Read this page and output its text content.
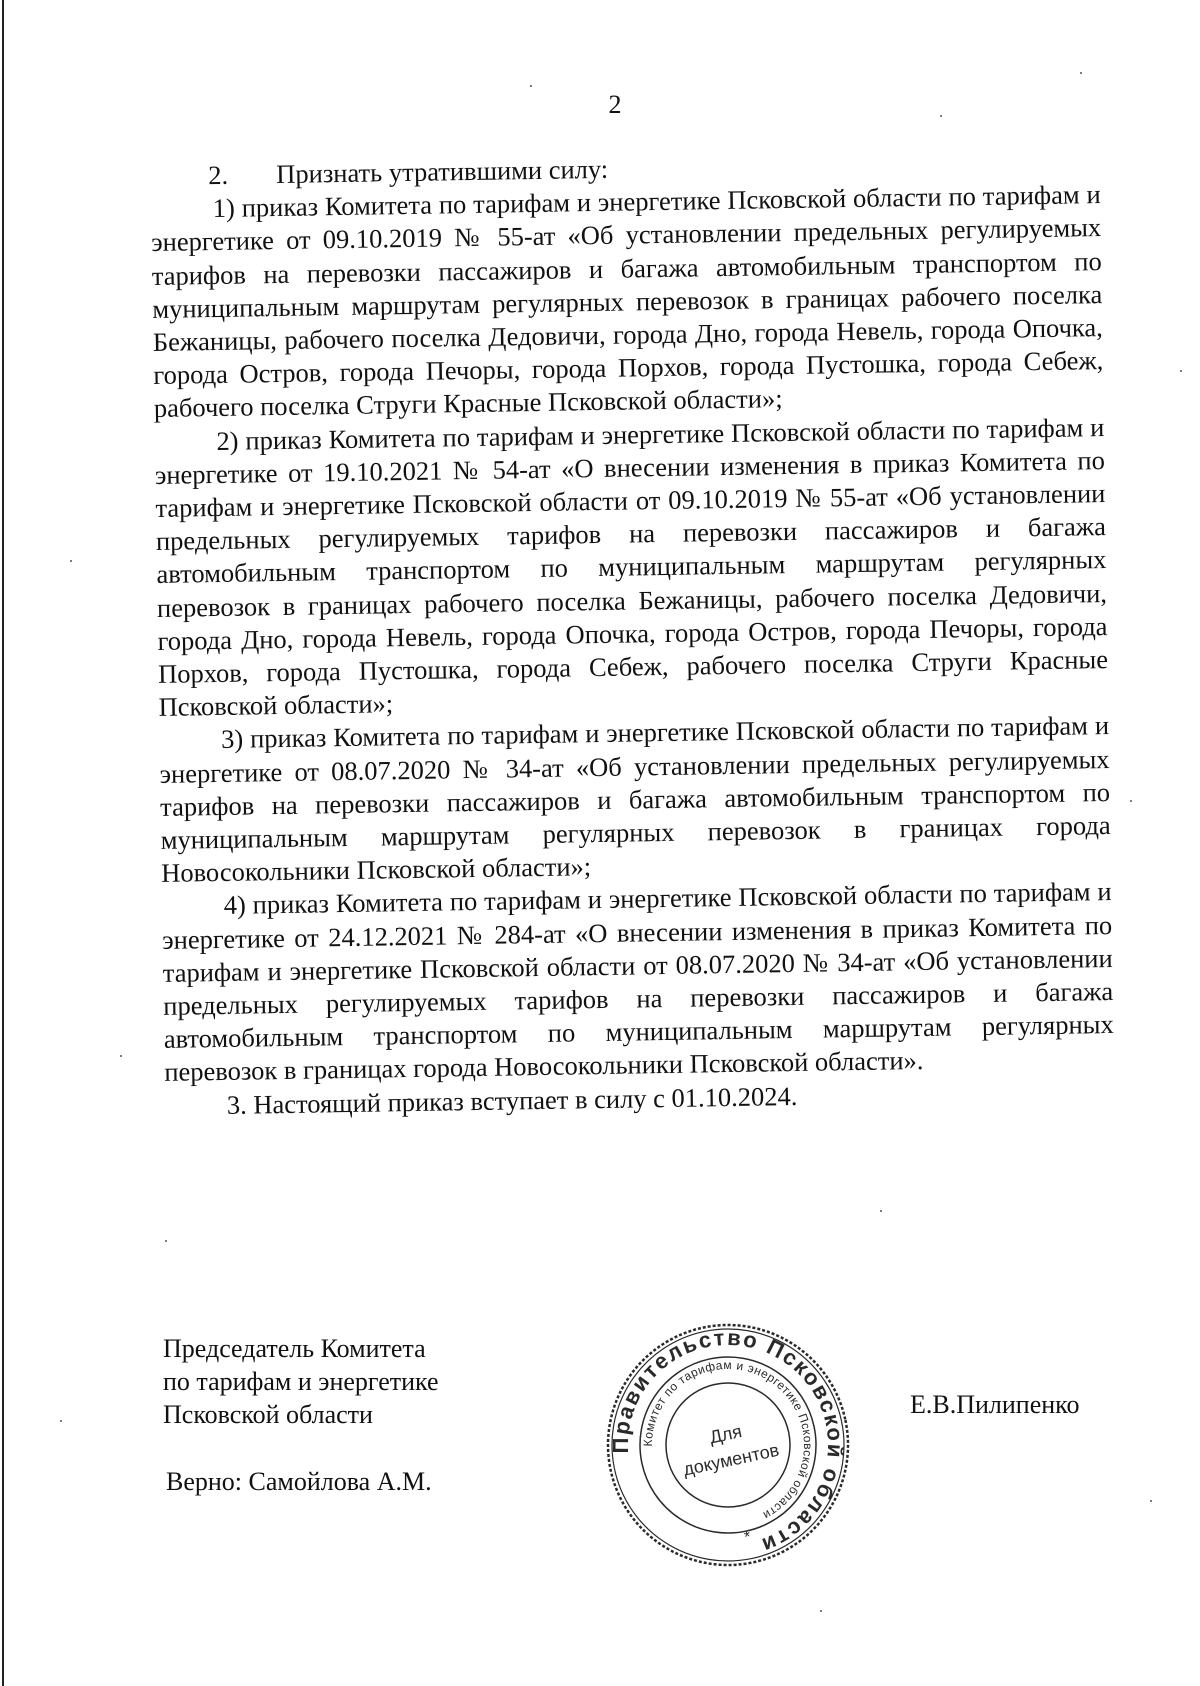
2

2. Признать утратившими силу:

1) приказ Комитета по тарифам и энергетике Псковской области по тарифам и энергетике от 09.10.2019 № 55-ат «Об установлении предельных регулируемых тарифов на перевозки пассажиров и багажа автомобильным транспортом по муниципальным маршрутам регулярных перевозок в границах рабочего поселка Бежаницы, рабочего поселка Дедовичи, города Дно, города Невель, города Опочка, города Остров, города Печоры, города Порхов, города Пустошка, города Себеж, рабочего поселка Струги Красные Псковской области»;

2) приказ Комитета по тарифам и энергетике Псковской области по тарифам и энергетике от 19.10.2021 № 54-ат «О внесении изменения в приказ Комитета по тарифам и энергетике Псковской области от 09.10.2019 № 55-ат «Об установлении предельных регулируемых тарифов на перевозки пассажиров и багажа автомобильным транспортом по муниципальным маршрутам регулярных перевозок в границах рабочего поселка Бежаницы, рабочего поселка Дедовичи, города Дно, города Невель, города Опочка, города Остров, города Печоры, города Порхов, города Пустошка, города Себеж, рабочего поселка Струги Красные Псковской области»;

3) приказ Комитета по тарифам и энергетике Псковской области по тарифам и энергетике от 08.07.2020 № 34-ат «Об установлении предельных регулируемых тарифов на перевозки пассажиров и багажа автомобильным транспортом по муниципальным маршрутам регулярных перевозок в границах города Новосокольники Псковской области»;

4) приказ Комитета по тарифам и энергетике Псковской области по тарифам и энергетике от 24.12.2021 № 284-ат «О внесении изменения в приказ Комитета по тарифам и энергетике Псковской области от 08.07.2020 № 34-ат «Об установлении предельных регулируемых тарифов на перевозки пассажиров и багажа автомобильным транспортом по муниципальным маршрутам регулярных перевозок в границах города Новосокольники Псковской области».

3. Настоящий приказ вступает в силу с 01.10.2024.

Председатель Комитета
по тарифам и энергетике
Псковской области
Верно: Самойлова А.М.
Е.В.Пилипенко
Правительство Псковской области
Комитет по тарифам и энергетике Псковской области
Для
документов
*
